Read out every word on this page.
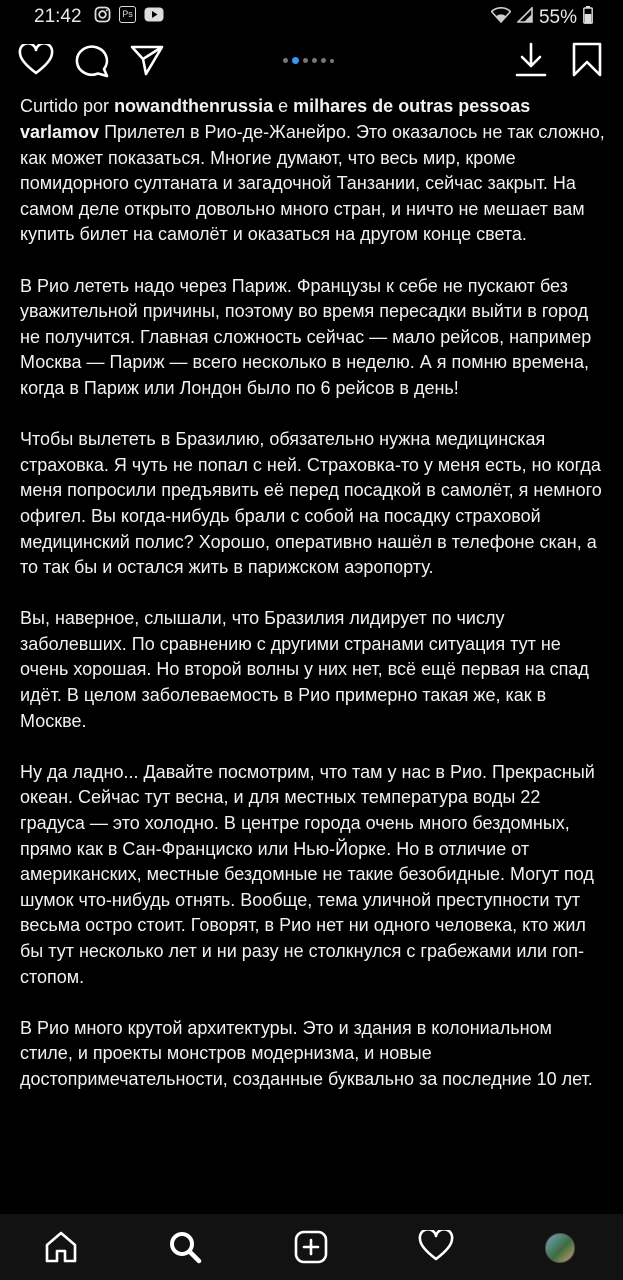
21:42	Ps	55%
Curtido por nowandthenrussia e milhares de outras pessoas

varlamov Прилетел в Рио-де-Жанейро. Это оказалось не так сложно, как может показаться. Многие думают, что весь мир, кроме помидорного султаната и загадочной Танзании, сейчас закрыт. На самом деле открыто довольно много стран, и ничто не мешает вам купить билет на самолёт и оказаться на другом конце света.

В Рио лететь надо через Париж. Французы к себе не пускают без уважительной причины, поэтому во время пересадки выйти в город не получится. Главная сложность сейчас — мало рейсов, например Москва — Париж — всего несколько в неделю. А я помню времена, когда в Париж или Лондон было по 6 рейсов в день!

Чтобы вылететь в Бразилию, обязательно нужна медицинская страховка. Я чуть не попал с ней. Страховка-то у меня есть, но когда меня попросили предъявить её перед посадкой в самолёт, я немного офигел. Вы когда-нибудь брали с собой на посадку страховой медицинский полис? Хорошо, оперативно нашёл в телефоне скан, а то так бы и остался жить в парижском аэропорту.

Вы, наверное, слышали, что Бразилия лидирует по числу заболевших. По сравнению с другими странами ситуация тут не очень хорошая. Но второй волны у них нет, всё ещё первая на спад идёт. В целом заболеваемость в Рио примерно такая же, как в Москве.

Ну да ладно... Давайте посмотрим, что там у нас в Рио. Прекрасный океан. Сейчас тут весна, и для местных температура воды 22 градуса — это холодно. В центре города очень много бездомных, прямо как в Сан-Франциско или Нью-Йорке. Но в отличие от американских, местные бездомные не такие безобидные. Могут под шумок что-нибудь отнять. Вообще, тема уличной преступности тут весьма остро стоит. Говорят, в Рио нет ни одного человека, кто жил бы тут несколько лет и ни разу не столкнулся с грабежами или гоп-стопом.

В Рио много крутой архитектуры. Это и здания в колониальном стиле, и проекты монстров модернизма, и новые достопримечательности, созданные буквально за последние 10 лет.
